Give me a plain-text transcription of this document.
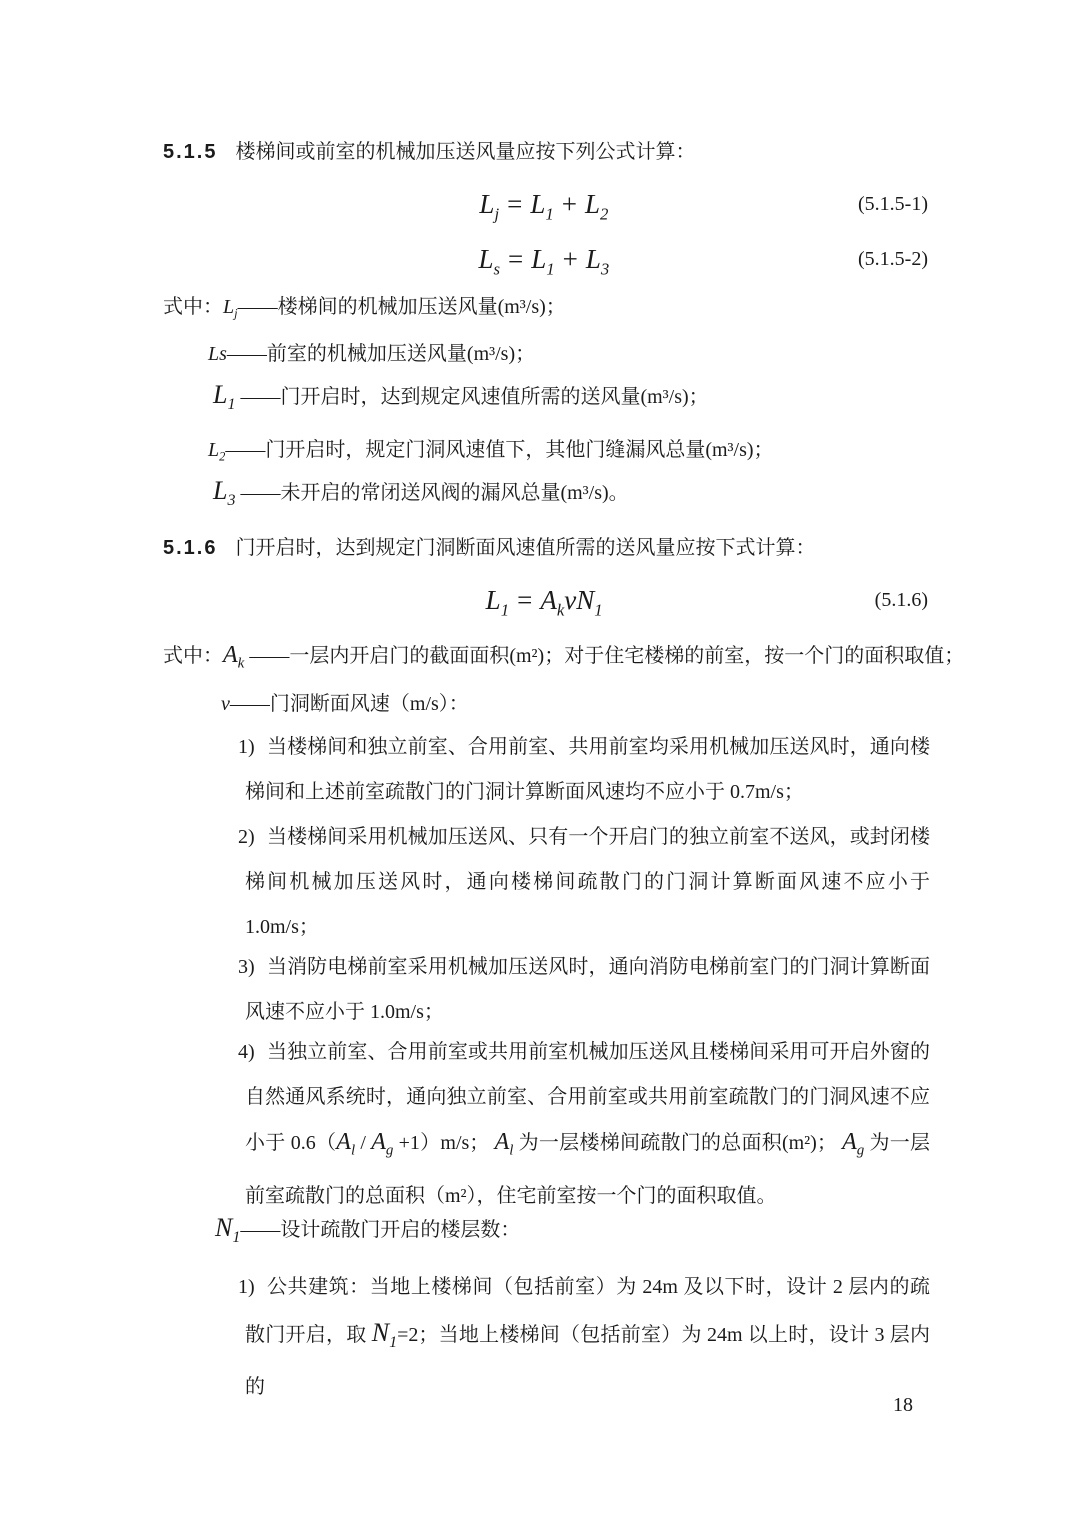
5.1.5 楼梯间或前室的机械加压送风量应按下列公式计算：
$L_j = L_1 + L_2$	(5.1.5-1)
$L_s = L_1 + L_3$	(5.1.5-2)
式中：$L_j——$楼梯间的机械加压送风量(m³/s)；
Ls——前室的机械加压送风量(m³/s)；
$L_1$ ——门开启时，达到规定风速值所需的送风量(m³/s)；
$L_2——$门开启时，规定门洞风速值下，其他门缝漏风总量(m³/s)；
$L_3$ ——未开启的常闭送风阀的漏风总量(m³/s)。
5.1.6 门开启时，达到规定门洞断面风速值所需的送风量应按下式计算：
$L_1 = A_kvN_1$	(5.1.6)
式中：$A_k$ ——一层内开启门的截面面积(m²)；对于住宅楼梯的前室，按一个门的面积取值；
v——门洞断面风速（m/s）：
1) 当楼梯间和独立前室、合用前室、共用前室均采用机械加压送风时，通向楼梯间和上述前室疏散门的门洞计算断面风速均不应小于 0.7m/s；

2) 当楼梯间采用机械加压送风、只有一个开启门的独立前室不送风，或封闭楼梯间机械加压送风时，通向楼梯间疏散门的门洞计算断面风速不应小于 1.0m/s；

3) 当消防电梯前室采用机械加压送风时，通向消防电梯前室门的门洞计算断面风速不应小于 1.0m/s；

4) 当独立前室、合用前室或共用前室机械加压送风且楼梯间采用可开启外窗的自然通风系统时，通向独立前室、合用前室或共用前室疏散门的门洞风速不应小于 $0.6(A_l / A_g +1)m/s$； $A_l$ 为一层楼梯间疏散门的总面积(m²)； $A_g$ 为一层前室疏散门的总面积（m²），住宅前室按一个门的面积取值。

$N_1——$设计疏散门开启的楼层数：
1) 公共建筑：当地上楼梯间（包括前室）为 24m 及以下时，设计 2 层内的疏散门开启，取 $N_1=2$；当地上楼梯间（包括前室）为 24m 以上时，设计 3 层内的

18
